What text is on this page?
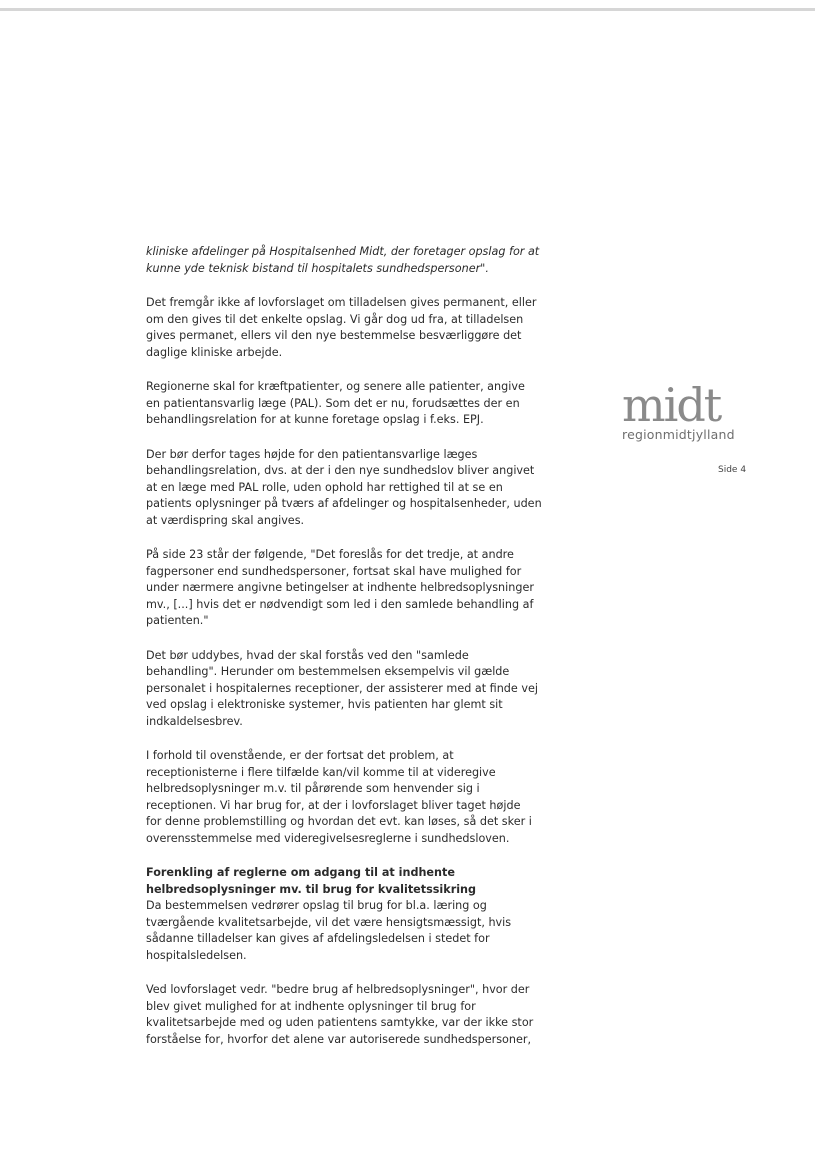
midt
regionmidtjylland
Side 4

kliniske afdelinger på Hospitalsenhed Midt, der foretager opslag for at
kunne yde teknisk bistand til hospitalets sundhedspersoner".

Det fremgår ikke af lovforslaget om tilladelsen gives permanent, eller
om den gives til det enkelte opslag. Vi går dog ud fra, at tilladelsen
gives permanet, ellers vil den nye bestemmelse besværliggøre det
daglige kliniske arbejde.

Regionerne skal for kræftpatienter, og senere alle patienter, angive
en patientansvarlig læge (PAL). Som det er nu, forudsættes der en
behandlingsrelation for at kunne foretage opslag i f.eks. EPJ.

Der bør derfor tages højde for den patientansvarlige læges
behandlingsrelation, dvs. at der i den nye sundhedslov bliver angivet
at en læge med PAL rolle, uden ophold har rettighed til at se en
patients oplysninger på tværs af afdelinger og hospitalsenheder, uden
at værdispring skal angives.

På side 23 står der følgende, "Det foreslås for det tredje, at andre
fagpersoner end sundhedspersoner, fortsat skal have mulighed for
under nærmere angivne betingelser at indhente helbredsoplysninger
mv., [...] hvis det er nødvendigt som led i den samlede behandling af
patienten."

Det bør uddybes, hvad der skal forstås ved den "samlede
behandling". Herunder om bestemmelsen eksempelvis vil gælde
personalet i hospitalernes receptioner, der assisterer med at finde vej
ved opslag i elektroniske systemer, hvis patienten har glemt sit
indkaldelsesbrev.

I forhold til ovenstående, er der fortsat det problem, at
receptionisterne i flere tilfælde kan/vil komme til at videregive
helbredsoplysninger m.v. til pårørende som henvender sig i
receptionen. Vi har brug for, at der i lovforslaget bliver taget højde
for denne problemstilling og hvordan det evt. kan løses, så det sker i
overensstemmelse med videregivelsesreglerne i sundhedsloven.

Forenkling af reglerne om adgang til at indhente
helbredsoplysninger mv. til brug for kvalitetssikring
Da bestemmelsen vedrører opslag til brug for bl.a. læring og
tværgående kvalitetsarbejde, vil det være hensigtsmæssigt, hvis
sådanne tilladelser kan gives af afdelingsledelsen i stedet for
hospitalsledelsen.

Ved lovforslaget vedr. "bedre brug af helbredsoplysninger", hvor der
blev givet mulighed for at indhente oplysninger til brug for
kvalitetsarbejde med og uden patientens samtykke, var der ikke stor
forståelse for, hvorfor det alene var autoriserede sundhedspersoner,
